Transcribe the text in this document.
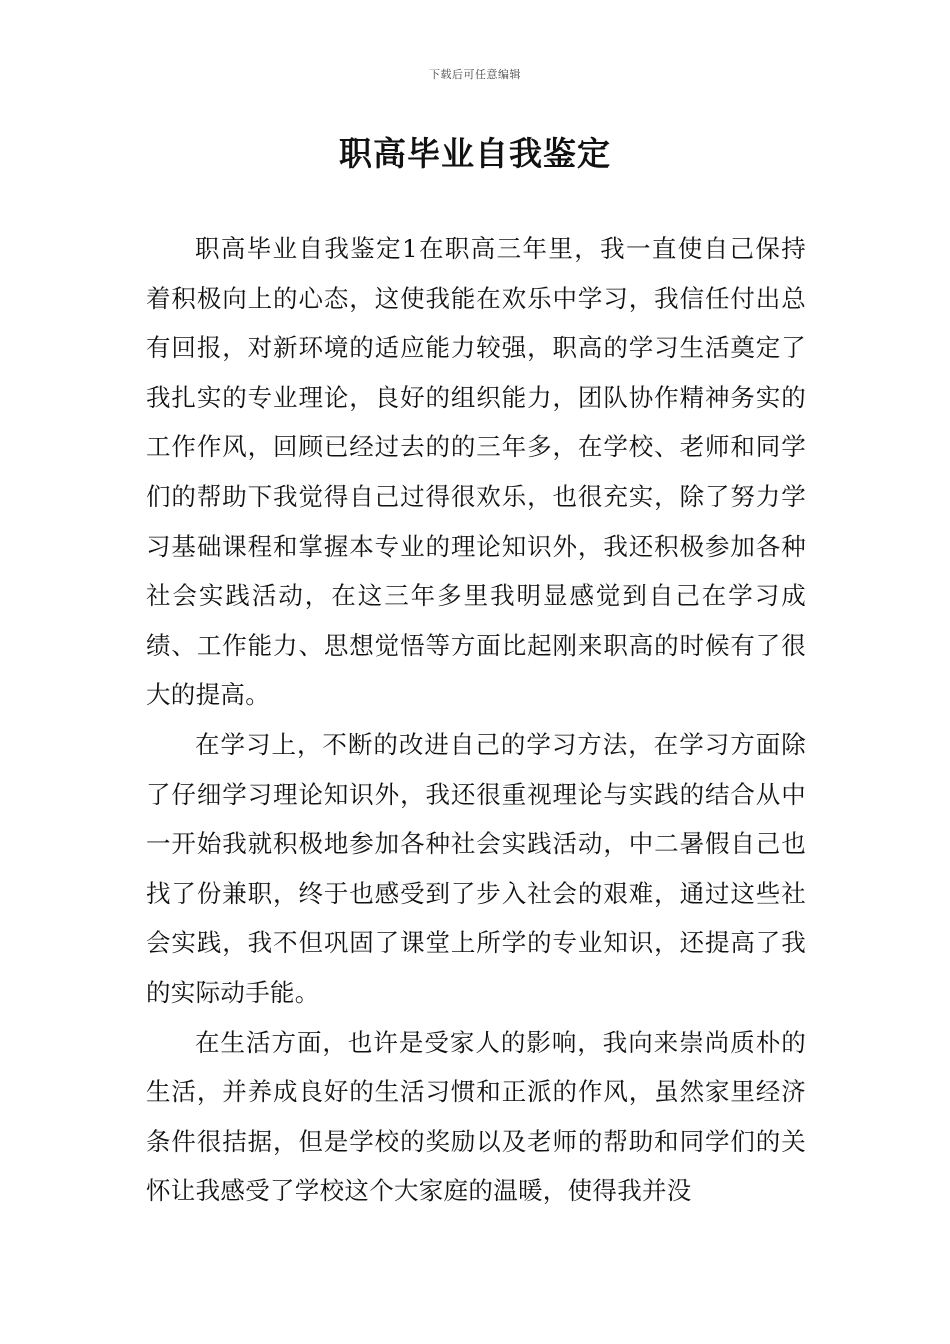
下载后可任意编辑
职高毕业自我鉴定

职高毕业自我鉴定1在职高三年里，我一直使自己保持着积极向上的心态，这使我能在欢乐中学习，我信任付出总有回报，对新环境的适应能力较强，职高的学习生活奠定了我扎实的专业理论，良好的组织能力，团队协作精神务实的工作作风，回顾已经过去的的三年多，在学校、老师和同学们的帮助下我觉得自己过得很欢乐，也很充实，除了努力学习基础课程和掌握本专业的理论知识外，我还积极参加各种社会实践活动，在这三年多里我明显感觉到自己在学习成绩、工作能力、思想觉悟等方面比起刚来职高的时候有了很大的提高。

在学习上，不断的改进自己的学习方法，在学习方面除了仔细学习理论知识外，我还很重视理论与实践的结合从中一开始我就积极地参加各种社会实践活动，中二暑假自己也找了份兼职，终于也感受到了步入社会的艰难，通过这些社会实践，我不但巩固了课堂上所学的专业知识，还提高了我的实际动手能。

在生活方面，也许是受家人的影响，我向来崇尚质朴的生活，并养成良好的生活习惯和正派的作风，虽然家里经济条件很拮据，但是学校的奖励以及老师的帮助和同学们的关怀让我感受了学校这个大家庭的温暖，使得我并没
